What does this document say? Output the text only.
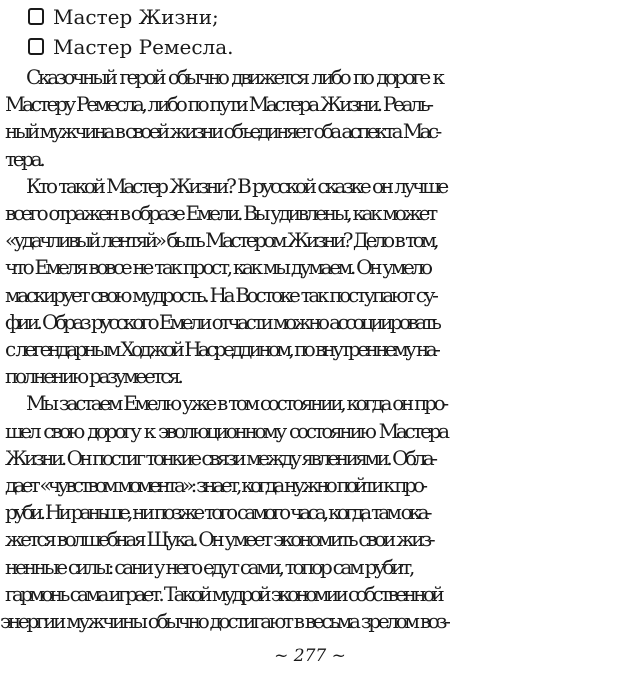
Мастер Жизни;
Мастер Ремесла.
Сказочный герой обычно движется либо по дороге к
Мастеру Ремесла, либо по пути Мастера Жизни. Реаль-
ный мужчина в своей жизни объединяет оба аспекта Мас-
тера.
Кто такой Мастер Жизни? В русской сказке он лучше
всего отражен в образе Емели. Вы удивлены, как может
«удачливый лентяй» быть Мастером Жизни? Дело в том,
что Емеля вовсе не так прост, как мы думаем. Он умело
маскирует свою мудрость. На Востоке так поступают су-
фии. Образ русского Емели отчасти можно ассоциировать
с легендарным Ходжой Насреддином, по внутреннему на-
полнению разумеется.
Мы застаем Емелю уже в том состоянии, когда он про-
шел свою дорогу к эволюционному состоянию Мастера
Жизни. Он постиг тонкие связи между явлениями. Обла-
дает «чувством момента»: знает, когда нужно пойти к про-
руби. Ни раньше, ни позже того самого часа, когда там ока-
жется волшебная Щука. Он умеет экономить свои жиз-
ненные силы: сани у него едут сами, топор сам рубит,
гармонь сама играет. Такой мудрой экономии собственной
энергии мужчины обычно достигают в весьма зрелом воз-
~ 277 ~
